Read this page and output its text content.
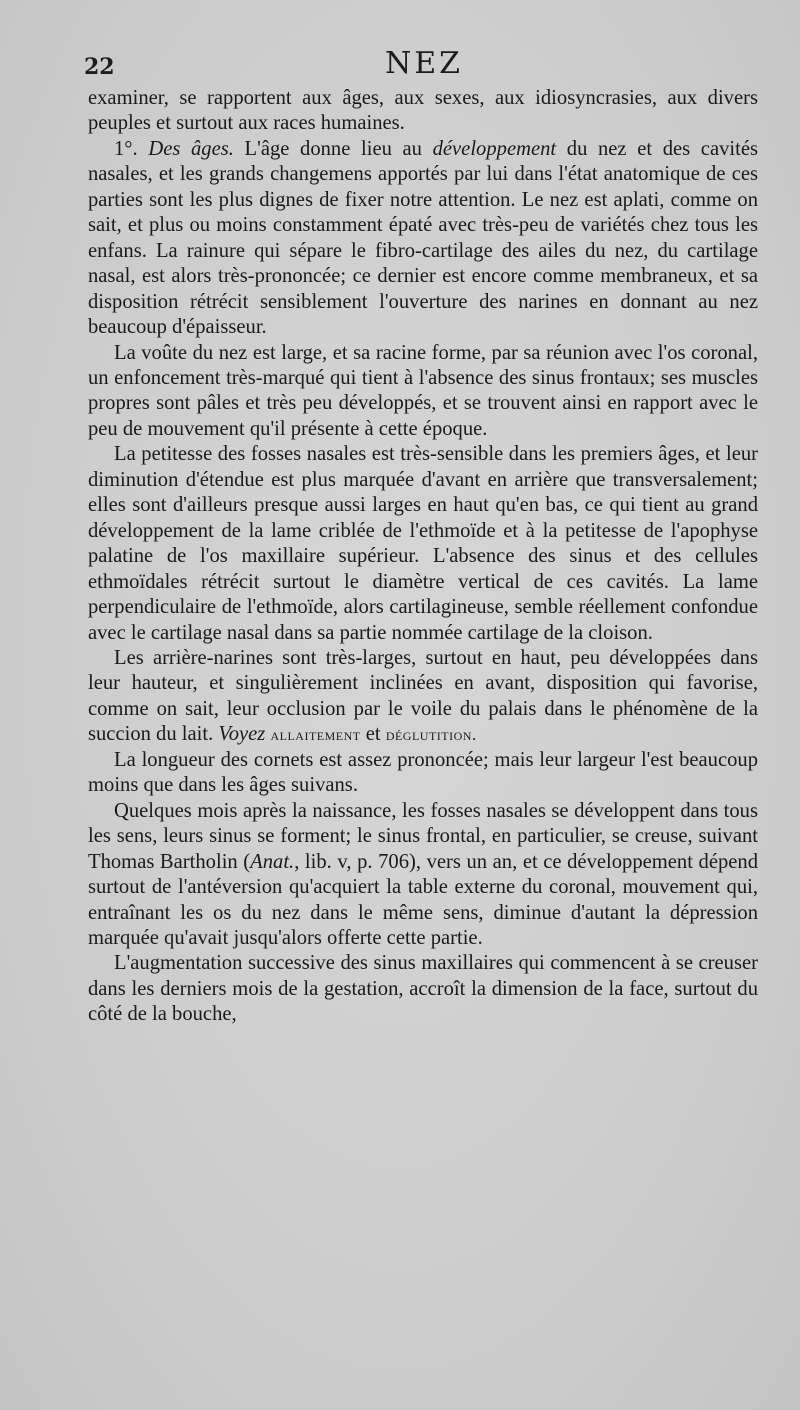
22	NEZ

examiner, se rapportent aux âges, aux sexes, aux idiosyncrasies, aux divers peuples et surtout aux races humaines.

1°. Des âges. L'âge donne lieu au développement du nez et des cavités nasales, et les grands changemens apportés par lui dans l'état anatomique de ces parties sont les plus dignes de fixer notre attention. Le nez est aplati, comme on sait, et plus ou moins constamment épaté avec très-peu de variétés chez tous les enfans. La rainure qui sépare le fibro-cartilage des ailes du nez, du cartilage nasal, est alors très-prononcée; ce dernier est encore comme membraneux, et sa disposition rétrécit sensiblement l'ouverture des narines en donnant au nez beaucoup d'épaisseur.

La voûte du nez est large, et sa racine forme, par sa réunion avec l'os coronal, un enfoncement très-marqué qui tient à l'absence des sinus frontaux; ses muscles propres sont pâles et très peu développés, et se trouvent ainsi en rapport avec le peu de mouvement qu'il présente à cette époque.

La petitesse des fosses nasales est très-sensible dans les premiers âges, et leur diminution d'étendue est plus marquée d'avant en arrière que transversalement; elles sont d'ailleurs presque aussi larges en haut qu'en bas, ce qui tient au grand développement de la lame criblée de l'ethmoïde et à la petitesse de l'apophyse palatine de l'os maxillaire supérieur. L'absence des sinus et des cellules ethmoïdales rétrécit surtout le diamètre vertical de ces cavités. La lame perpendiculaire de l'ethmoïde, alors cartilagineuse, semble réellement confondue avec le cartilage nasal dans sa partie nommée cartilage de la cloison.

Les arrière-narines sont très-larges, surtout en haut, peu développées dans leur hauteur, et singulièrement inclinées en avant, disposition qui favorise, comme on sait, leur occlusion par le voile du palais dans le phénomène de la succion du lait. Voyez allaitement et déglutition.

La longueur des cornets est assez prononcée; mais leur largeur l'est beaucoup moins que dans les âges suivans.

Quelques mois après la naissance, les fosses nasales se développent dans tous les sens, leurs sinus se forment; le sinus frontal, en particulier, se creuse, suivant Thomas Bartholin (Anat., lib. v, p. 706), vers un an, et ce développement dépend surtout de l'antéversion qu'acquiert la table externe du coronal, mouvement qui, entraînant les os du nez dans le même sens, diminue d'autant la dépression marquée qu'avait jusqu'alors offerte cette partie.

L'augmentation successive des sinus maxillaires qui commencent à se creuser dans les derniers mois de la gestation, accroît la dimension de la face, surtout du côté de la bouche,
